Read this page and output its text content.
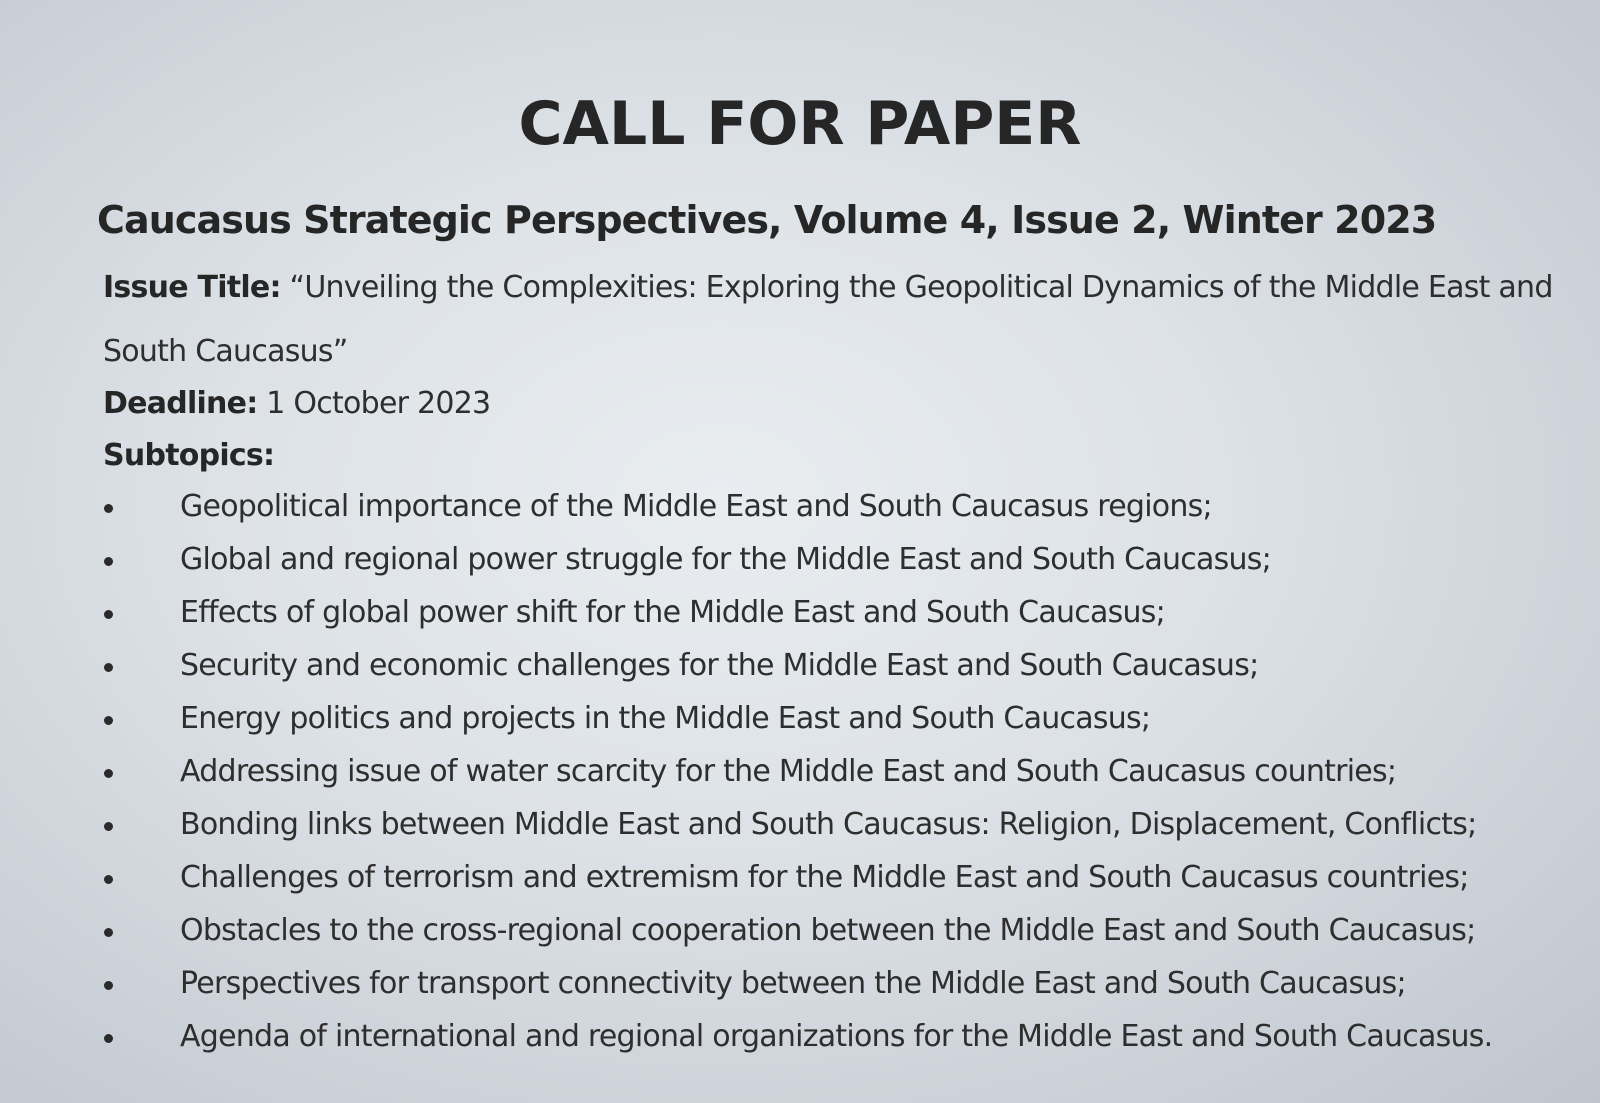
CALL FOR PAPER
Caucasus Strategic Perspectives, Volume 4, Issue 2, Winter 2023

Issue Title: “Unveiling the Complexities: Exploring the Geopolitical Dynamics of the Middle East and

South Caucasus”

Deadline: 1 October 2023

Subtopics:

Geopolitical importance of the Middle East and South Caucasus regions;
Global and regional power struggle for the Middle East and South Caucasus;
Effects of global power shift for the Middle East and South Caucasus;
Security and economic challenges for the Middle East and South Caucasus;
Energy politics and projects in the Middle East and South Caucasus;
Addressing issue of water scarcity for the Middle East and South Caucasus countries;
Bonding links between Middle East and South Caucasus: Religion, Displacement, Conflicts;
Challenges of terrorism and extremism for the Middle East and South Caucasus countries;
Obstacles to the cross-regional cooperation between the Middle East and South Caucasus;
Perspectives for transport connectivity between the Middle East and South Caucasus;
Agenda of international and regional organizations for the Middle East and South Caucasus.
